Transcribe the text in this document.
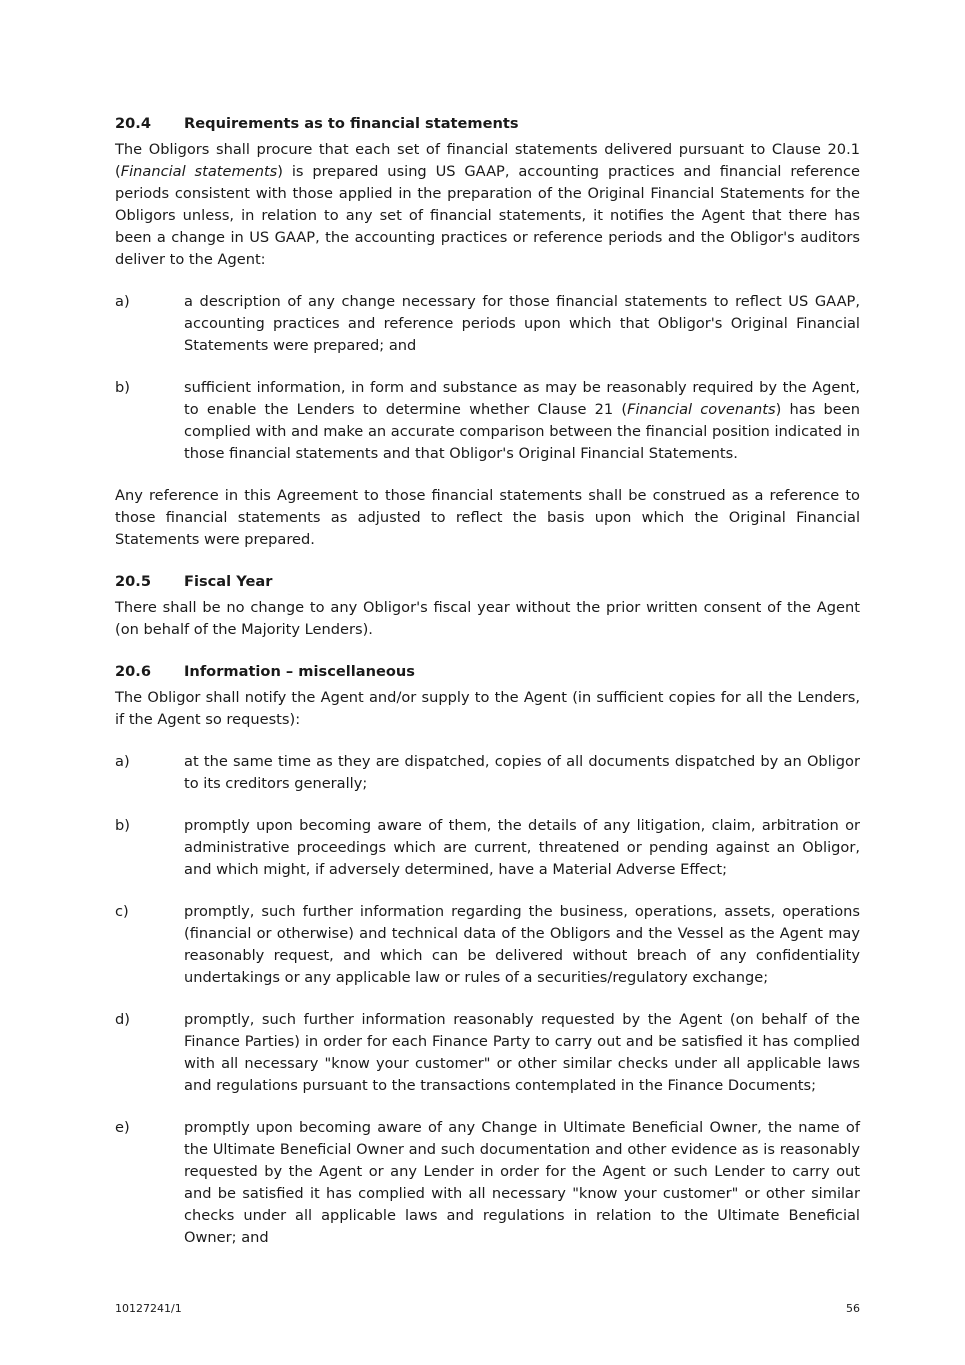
20.4	Requirements as to financial statements

The Obligors shall procure that each set of financial statements delivered pursuant to Clause 20.1 (Financial statements) is prepared using US GAAP, accounting practices and financial reference periods consistent with those applied in the preparation of the Original Financial Statements for the Obligors unless, in relation to any set of financial statements, it notifies the Agent that there has been a change in US GAAP, the accounting practices or reference periods and the Obligor's auditors deliver to the Agent:

a)	a description of any change necessary for those financial statements to reflect US GAAP, accounting practices and reference periods upon which that Obligor's Original Financial Statements were prepared; and
b)	sufficient information, in form and substance as may be reasonably required by the Agent, to enable the Lenders to determine whether Clause 21 (Financial covenants) has been complied with and make an accurate comparison between the financial position indicated in those financial statements and that Obligor's Original Financial Statements.

Any reference in this Agreement to those financial statements shall be construed as a reference to those financial statements as adjusted to reflect the basis upon which the Original Financial Statements were prepared.

20.5	Fiscal Year

There shall be no change to any Obligor's fiscal year without the prior written consent of the Agent (on behalf of the Majority Lenders).

20.6	Information – miscellaneous

The Obligor shall notify the Agent and/or supply to the Agent (in sufficient copies for all the Lenders, if the Agent so requests):

a)	at the same time as they are dispatched, copies of all documents dispatched by an Obligor to its creditors generally;
b)	promptly upon becoming aware of them, the details of any litigation, claim, arbitration or administrative proceedings which are current, threatened or pending against an Obligor, and which might, if adversely determined, have a Material Adverse Effect;
c)	promptly, such further information regarding the business, operations, assets, operations (financial or otherwise) and technical data of the Obligors and the Vessel as the Agent may reasonably request, and which can be delivered without breach of any confidentiality undertakings or any applicable law or rules of a securities/regulatory exchange;
d)	promptly, such further information reasonably requested by the Agent (on behalf of the Finance Parties) in order for each Finance Party to carry out and be satisfied it has complied with all necessary "know your customer" or other similar checks under all applicable laws and regulations pursuant to the transactions contemplated in the Finance Documents;
e)	promptly upon becoming aware of any Change in Ultimate Beneficial Owner, the name of the Ultimate Beneficial Owner and such documentation and other evidence as is reasonably requested by the Agent or any Lender in order for the Agent or such Lender to carry out and be satisfied it has complied with all necessary "know your customer" or other similar checks under all applicable laws and regulations in relation to the Ultimate Beneficial Owner; and
10127241/1	56
